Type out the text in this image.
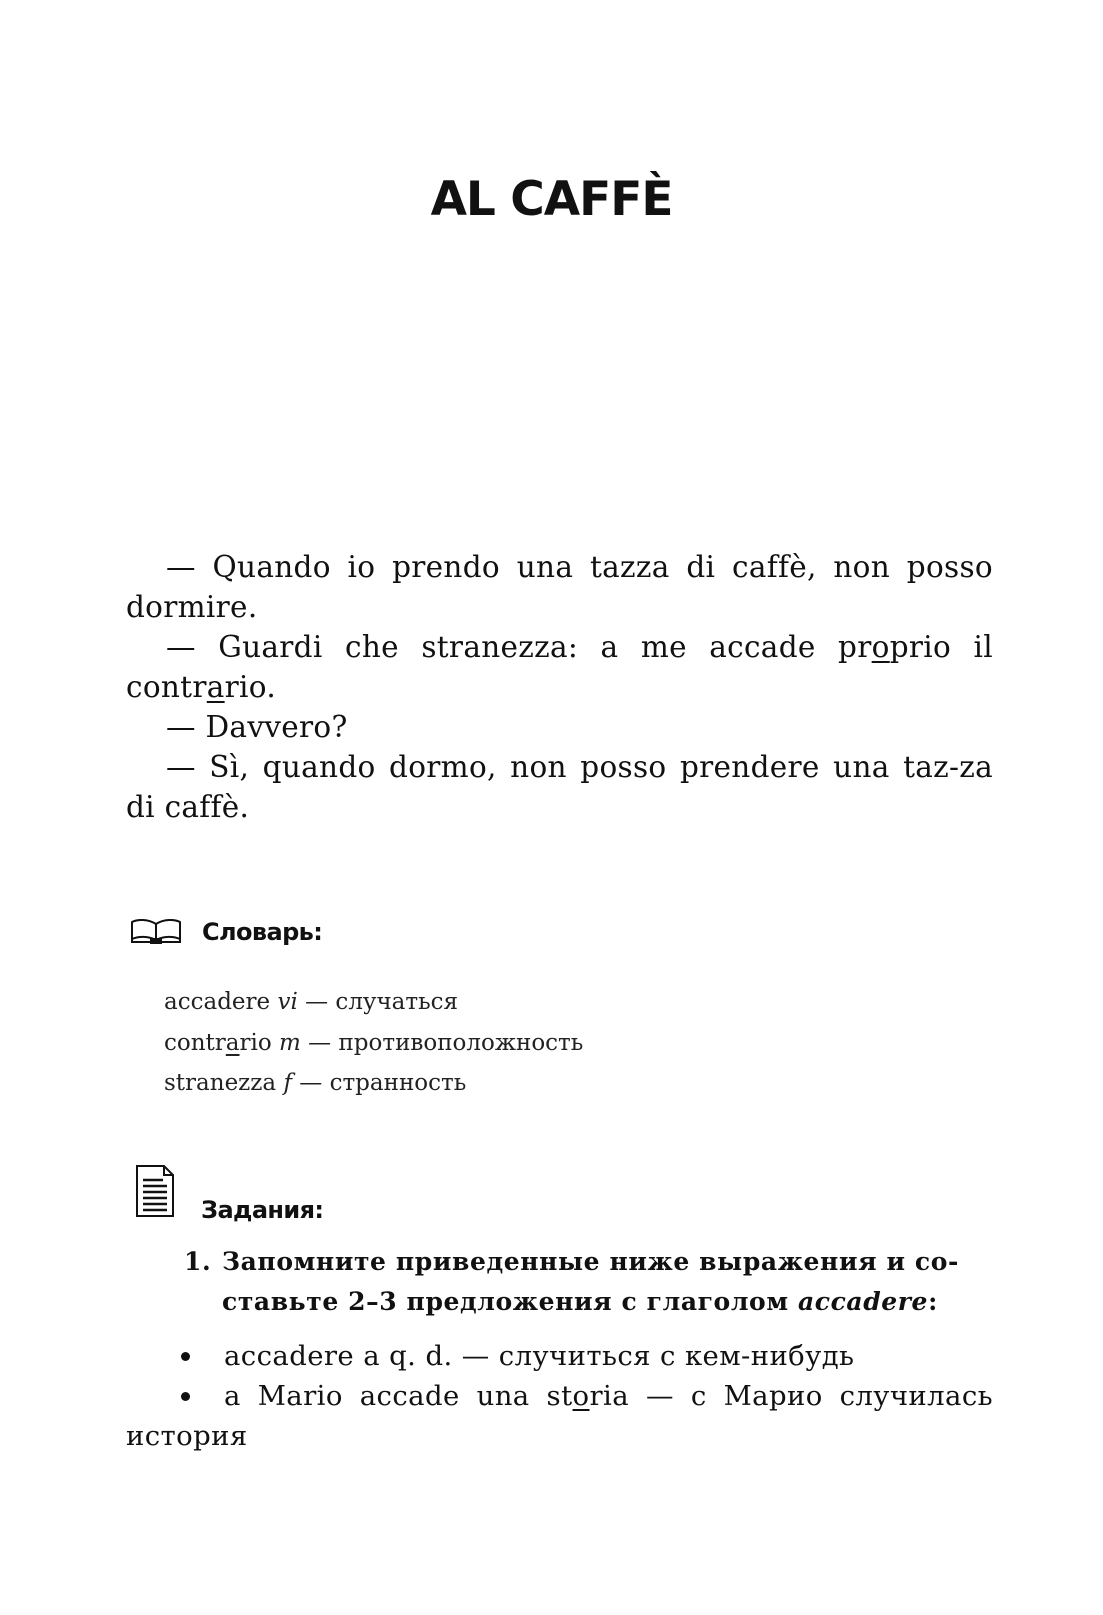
AL CAFFÈ

— Quando io prendo una tazza di caffè, non posso dormire.

— Guardi che stranezza: a me accade proprio il contrario.

— Davvero?

— Sì, quando dormo, non posso prendere una taz-za di caffè.

Словарь:
accadere vi — случаться
contrario m — противоположность
stranezza f — странность
Задания:
1. Запомните приведенные ниже выражения и со-
ставьте 2–3 предложения с глаголом accadere:
accadere a q. d. — случиться с кем-нибудь
a Mario accade una storia — с Марио случилась история
